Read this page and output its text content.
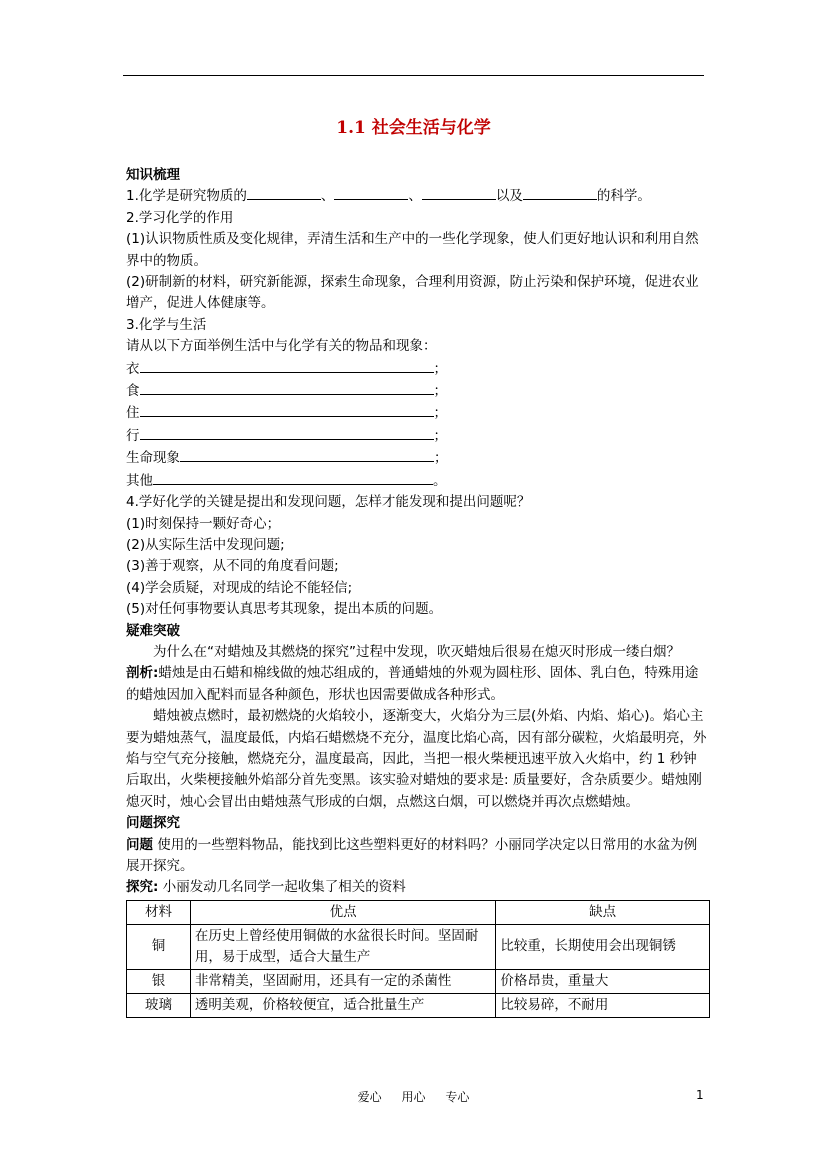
1.1 社会生活与化学
知识梳理
1.化学是研究物质的	、	、	以及	的科学。
2.学习化学的作用
(1)认识物质性质及变化规律，弄清生活和生产中的一些化学现象，使人们更好地认识和利用自然界中的物质。
(2)研制新的材料，研究新能源，探索生命现象，合理利用资源，防止污染和保护环境，促进农业增产，促进人体健康等。
3.化学与生活
请从以下方面举例生活中与化学有关的物品和现象：
衣	；
食	；
住	；
行	；
生命现象	；
其他	。
4.学好化学的关键是提出和发现问题，怎样才能发现和提出问题呢？
(1)时刻保持一颗好奇心；
(2)从实际生活中发现问题;
(3)善于观察，从不同的角度看问题;
(4)学会质疑，对现成的结论不能轻信;
(5)对任何事物要认真思考其现象，提出本质的问题。
疑难突破
为什么在“对蜡烛及其燃烧的探究”过程中发现，吹灭蜡烛后很易在熄灭时形成一缕白烟？
剖析:蜡烛是由石蜡和棉线做的烛芯组成的，普通蜡烛的外观为圆柱形、固体、乳白色，特殊用途的蜡烛因加入配料而显各种颜色，形状也因需要做成各种形式。
蜡烛被点燃时，最初燃烧的火焰较小，逐渐变大，火焰分为三层(外焰、内焰、焰心)。焰心主要为蜡烛蒸气，温度最低，内焰石蜡燃烧不充分，温度比焰心高，因有部分碳粒，火焰最明亮，外焰与空气充分接触，燃烧充分，温度最高，因此，当把一根火柴梗迅速平放入火焰中，约 1 秒钟后取出，火柴梗接触外焰部分首先变黑。该实验对蜡烛的要求是: 质量要好，含杂质要少。蜡烛刚熄灭时，烛心会冒出由蜡烛蒸气形成的白烟，点燃这白烟，可以燃烧并再次点燃蜡烛。
问题探究
问题 使用的一些塑料物品，能找到比这些塑料更好的材料吗？小丽同学决定以日常用的水盆为例展开探究。
探究: 小丽发动几名同学一起收集了相关的资料
材料	优点	缺点
铜	在历史上曾经使用铜做的水盆很长时间。坚固耐用，易于成型，适合大量生产	比较重，长期使用会出现铜锈
银	非常精美，坚固耐用，还具有一定的杀菌性	价格昂贵，重量大
玻璃	透明美观，价格较便宜，适合批量生产	比较易碎，不耐用
爱心 用心 专心	1
